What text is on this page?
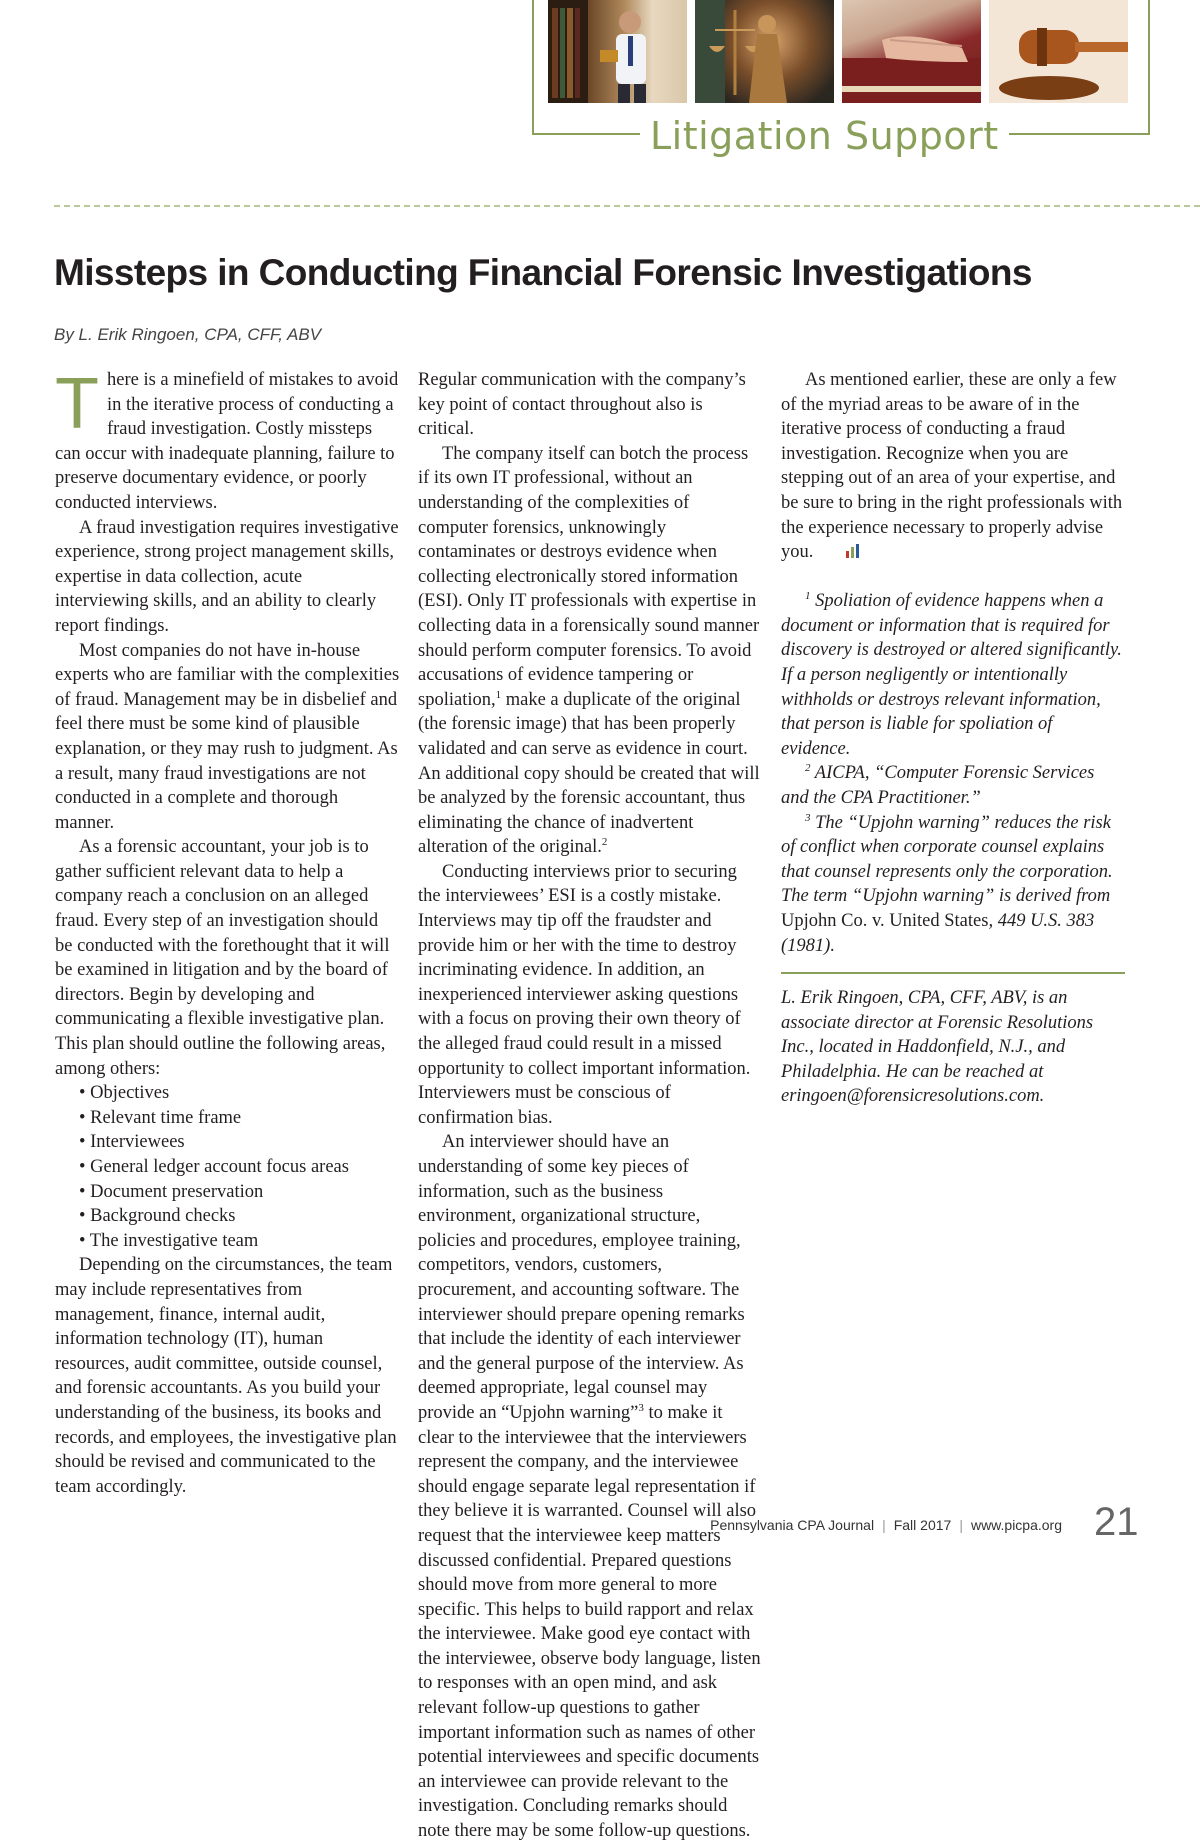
Litigation Support
Missteps in Conducting Financial Forensic Investigations
By L. Erik Ringoen, CPA, CFF, ABV

There is a minefield of mistakes to avoid in the iterative process of conducting a fraud investigation. Costly missteps can occur with inadequate planning, failure to preserve documentary evidence, or poorly conducted interviews.

A fraud investigation requires investigative experience, strong project management skills, expertise in data collection, acute interviewing skills, and an ability to clearly report findings.

Most companies do not have in-house experts who are familiar with the complexities of fraud. Management may be in disbelief and feel there must be some kind of plausible explanation, or they may rush to judgment. As a result, many fraud investigations are not conducted in a complete and thorough manner.

As a forensic accountant, your job is to gather sufficient relevant data to help a company reach a conclusion on an alleged fraud. Every step of an investigation should be conducted with the forethought that it will be examined in litigation and by the board of directors. Begin by developing and communicating a flexible investigative plan. This plan should outline the following areas, among others:

• Objectives
• Relevant time frame
• Interviewees
• General ledger account focus areas
• Document preservation
• Background checks
• The investigative team

Depending on the circumstances, the team may include representatives from management, finance, internal audit, information technology (IT), human resources, audit committee, outside counsel, and forensic accountants. As you build your understanding of the business, its books and records, and employees, the investigative plan should be revised and communicated to the team accordingly.

Regular communication with the company’s key point of contact throughout also is critical.

The company itself can botch the process if its own IT professional, without an understanding of the complexities of computer forensics, unknowingly contaminates or destroys evidence when collecting electronically stored information (ESI). Only IT professionals with expertise in collecting data in a forensically sound manner should perform computer forensics. To avoid accusations of evidence tampering or spoliation,$^1$ make a duplicate of the original (the forensic image) that has been properly validated and can serve as evidence in court. An additional copy should be created that will be analyzed by the forensic accountant, thus eliminating the chance of inadvertent alteration of the original.$^2$

Conducting interviews prior to securing the interviewees’ ESI is a costly mistake. Interviews may tip off the fraudster and provide him or her with the time to destroy incriminating evidence. In addition, an inexperienced interviewer asking questions with a focus on proving their own theory of the alleged fraud could result in a missed opportunity to collect important information. Interviewers must be conscious of confirmation bias.

An interviewer should have an understanding of some key pieces of information, such as the business environment, organizational structure, policies and procedures, employee training, competitors, vendors, customers, procurement, and accounting software. The interviewer should prepare opening remarks that include the identity of each interviewer and the general purpose of the interview. As deemed appropriate, legal counsel may provide an “Upjohn warning”$^3$ to make it clear to the interviewee that the interviewers represent the company, and the interviewee should engage separate legal representation if they believe it is warranted. Counsel will also request that the interviewee keep matters discussed confidential. Prepared questions should move from more general to more specific. This helps to build rapport and relax the interviewee. Make good eye contact with the interviewee, observe body language, listen to responses with an open mind, and ask relevant follow-up questions to gather important information such as names of other potential interviewees and specific documents an interviewee can provide relevant to the investigation. Concluding remarks should note there may be some follow-up questions.

As mentioned earlier, these are only a few of the myriad areas to be aware of in the iterative process of conducting a fraud investigation. Recognize when you are stepping out of an area of your expertise, and be sure to bring in the right professionals with the experience necessary to properly advise you.

$^1$ Spoliation of evidence happens when a document or information that is required for discovery is destroyed or altered significantly. If a person negligently or intentionally withholds or destroys relevant information, that person is liable for spoliation of evidence.

$^2$ AICPA, “Computer Forensic Services and the CPA Practitioner.”

$^3$ The “Upjohn warning” reduces the risk of conflict when corporate counsel explains that counsel represents only the corporation. The term “Upjohn warning” is derived from Upjohn Co. v. United States, 449 U.S. 383 (1981).

L. Erik Ringoen, CPA, CFF, ABV, is an associate director at Forensic Resolutions Inc., located in Haddonfield, N.J., and Philadelphia. He can be reached at eringoen@forensicresolutions.com.

Pennsylvania CPA Journal | Fall 2017 | www.picpa.org 21
